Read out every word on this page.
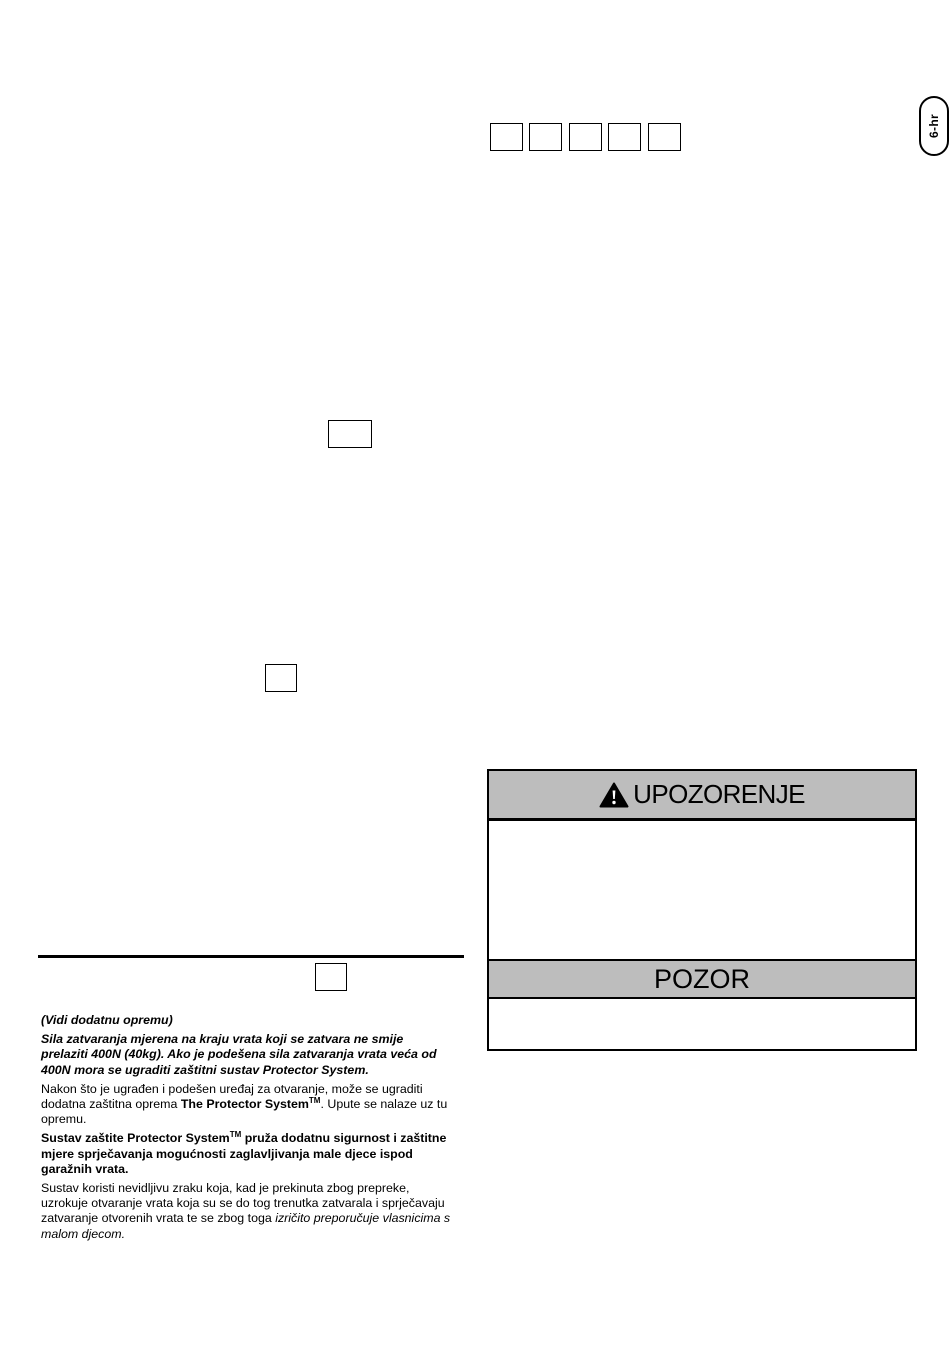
6-hr

(Vidi dodatnu opremu)

Sila zatvaranja mjerena na kraju vrata koji se zatvara ne smije prelaziti 400N (40kg). Ako je podešena sila zatvaranja vrata veća od 400N mora se ugraditi zaštitni sustav Protector System.

Nakon što je ugrađen i podešen uređaj za otvaranje, može se ugraditi dodatna zaštitna oprema The Protector System™. Upute se nalaze uz tu opremu.

Sustav zaštite Protector System™ pruža dodatnu sigurnost i zaštitne mjere sprječavanja mogućnosti zaglavljivanja male djece ispod garažnih vrata.

Sustav koristi nevidljivu zraku koja, kad je prekinuta zbog prepreke, uzrokuje otvaranje vrata koja su se do tog trenutka zatvarala i sprječavaju zatvaranje otvorenih vrata te se zbog toga izričito preporučuje vlasnicima s malom djecom.

UPOZORENJE
POZOR
